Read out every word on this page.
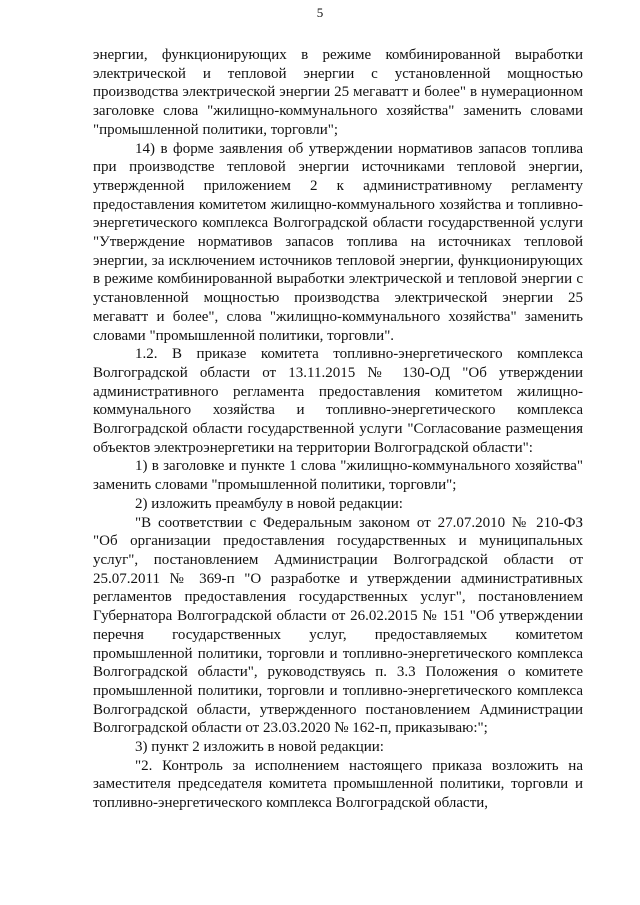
5

энергии, функционирующих в режиме комбинированной выработки электрической и тепловой энергии с установленной мощностью производства электрической энергии 25 мегаватт и более" в нумерационном заголовке слова "жилищно-коммунального хозяйства" заменить словами "промышленной политики, торговли";

14) в форме заявления об утверждении нормативов запасов топлива при производстве тепловой энергии источниками тепловой энергии, утвержденной приложением 2 к административному регламенту предоставления комитетом жилищно-коммунального хозяйства и топливно-энергетического комплекса Волгоградской области государственной услуги "Утверждение нормативов запасов топлива на источниках тепловой энергии, за исключением источников тепловой энергии, функционирующих в режиме комбинированной выработки электрической и тепловой энергии с установленной мощностью производства электрической энергии 25 мегаватт и более", слова "жилищно-коммунального хозяйства" заменить словами "промышленной политики, торговли".

1.2. В приказе комитета топливно-энергетического комплекса Волгоградской области от 13.11.2015 № 130-ОД "Об утверждении административного регламента предоставления комитетом жилищно-коммунального хозяйства и топливно-энергетического комплекса Волгоградской области государственной услуги "Согласование размещения объектов электроэнергетики на территории Волгоградской области":

1) в заголовке и пункте 1 слова "жилищно-коммунального хозяйства" заменить словами "промышленной политики, торговли";

2) изложить преамбулу в новой редакции:

"В соответствии с Федеральным законом от 27.07.2010 № 210-ФЗ "Об организации предоставления государственных и муниципальных услуг", постановлением Администрации Волгоградской области от 25.07.2011 № 369-п "О разработке и утверждении административных регламентов предоставления государственных услуг", постановлением Губернатора Волгоградской области от 26.02.2015 № 151 "Об утверждении перечня государственных услуг, предоставляемых комитетом промышленной политики, торговли и топливно-энергетического комплекса Волгоградской области", руководствуясь п. 3.3 Положения о комитете промышленной политики, торговли и топливно-энергетического комплекса Волгоградской области, утвержденного постановлением Администрации Волгоградской области от 23.03.2020 № 162-п, приказываю:";

3) пункт 2 изложить в новой редакции:

"2. Контроль за исполнением настоящего приказа возложить на заместителя председателя комитета промышленной политики, торговли и топливно-энергетического комплекса Волгоградской области,
